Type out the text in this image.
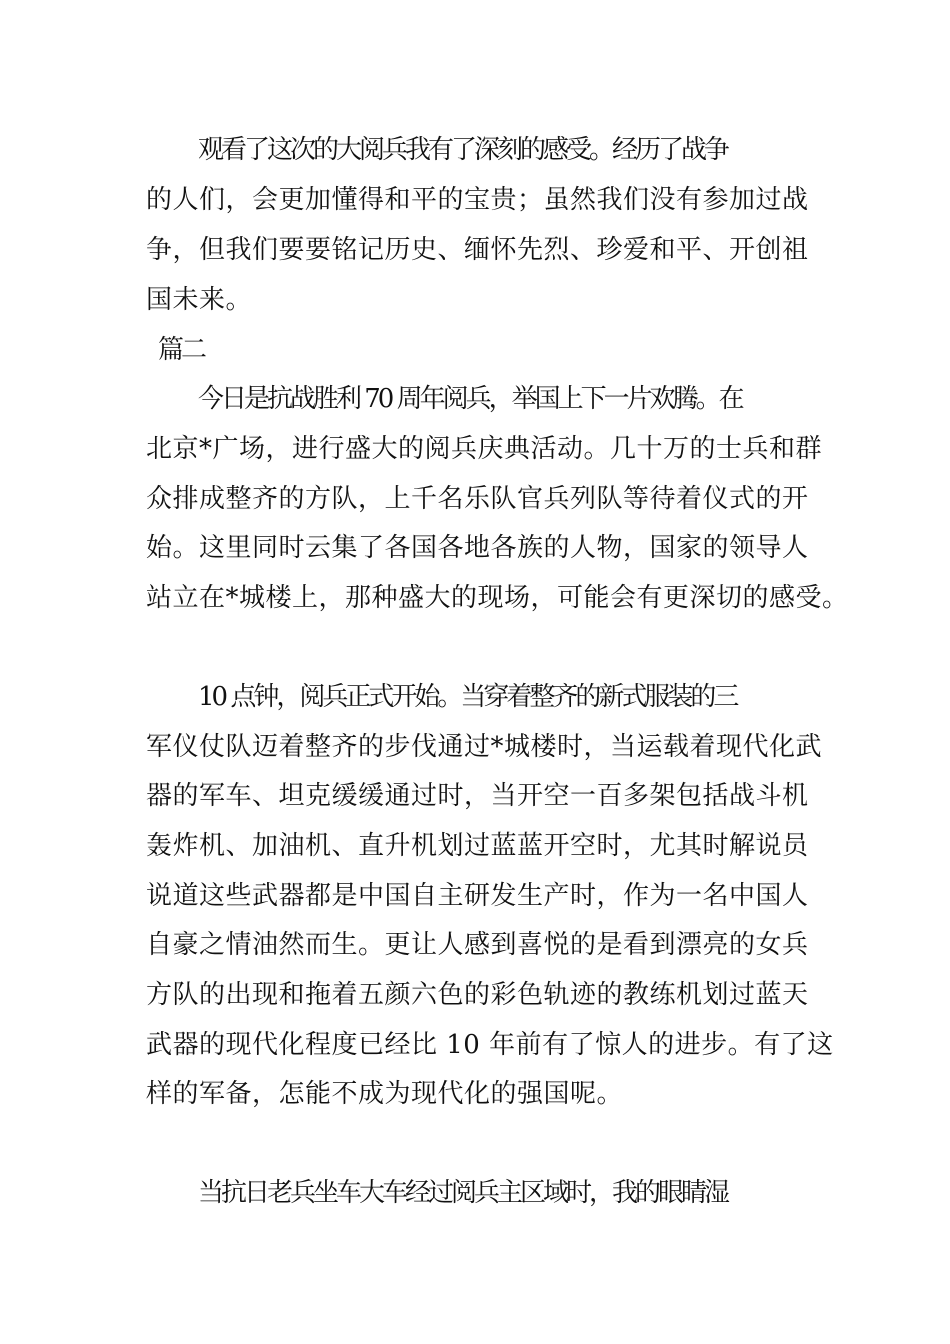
观看了这次的大阅兵我有了深刻的感受。经历了战争
的人们，会更加懂得和平的宝贵；虽然我们没有参加过战
争，但我们要要铭记历史、缅怀先烈、珍爱和平、开创祖
国未来。
篇二
今日是抗战胜利 70 周年阅兵，举国上下一片欢腾。在
北京*广场，进行盛大的阅兵庆典活动。几十万的士兵和群
众排成整齐的方队，上千名乐队官兵列队等待着仪式的开
始。这里同时云集了各国各地各族的人物，国家的领导人
站立在*城楼上，那种盛大的现场，可能会有更深切的感受。
10 点钟，阅兵正式开始。当穿着整齐的新式服装的三
军仪仗队迈着整齐的步伐通过*城楼时，当运载着现代化武
器的军车、坦克缓缓通过时，当开空一百多架包括战斗机
轰炸机、加油机、直升机划过蓝蓝开空时，尤其时解说员
说道这些武器都是中国自主研发生产时，作为一名中国人
自豪之情油然而生。更让人感到喜悦的是看到漂亮的女兵
方队的出现和拖着五颜六色的彩色轨迹的教练机划过蓝天
武器的现代化程度已经比 10 年前有了惊人的进步。有了这
样的军备，怎能不成为现代化的强国呢。
当抗日老兵坐车大车经过阅兵主区域时，我的眼睛湿
